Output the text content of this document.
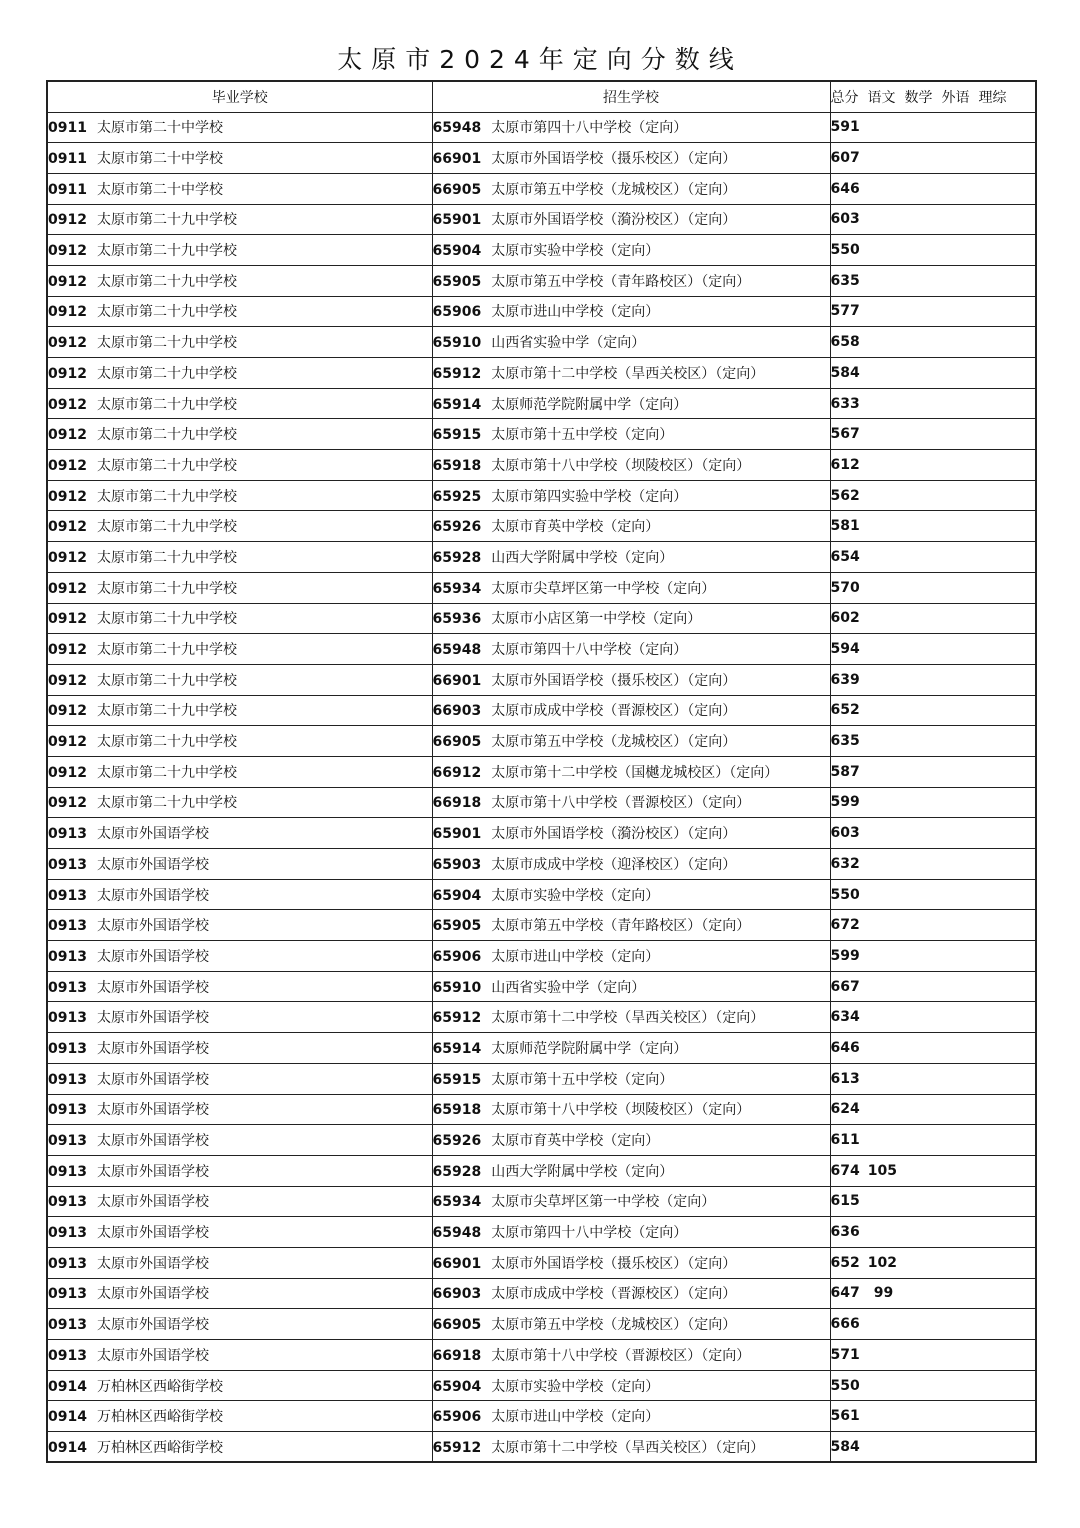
太原市2024年定向分数线
毕业学校	招生学校	总分 语文 数学 外语 理综
0911 太原市第二十中学校	65948 太原市第四十八中学校（定向）	591
0911 太原市第二十中学校	66901 太原市外国语学校（摄乐校区）（定向）	607
0911 太原市第二十中学校	66905 太原市第五中学校（龙城校区）（定向）	646
0912 太原市第二十九中学校	65901 太原市外国语学校（漪汾校区）（定向）	603
0912 太原市第二十九中学校	65904 太原市实验中学校（定向）	550
0912 太原市第二十九中学校	65905 太原市第五中学校（青年路校区）（定向）	635
0912 太原市第二十九中学校	65906 太原市进山中学校（定向）	577
0912 太原市第二十九中学校	65910 山西省实验中学（定向）	658
0912 太原市第二十九中学校	65912 太原市第十二中学校（旱西关校区）（定向）	584
0912 太原市第二十九中学校	65914 太原师范学院附属中学（定向）	633
0912 太原市第二十九中学校	65915 太原市第十五中学校（定向）	567
0912 太原市第二十九中学校	65918 太原市第十八中学校（坝陵校区）（定向）	612
0912 太原市第二十九中学校	65925 太原市第四实验中学校（定向）	562
0912 太原市第二十九中学校	65926 太原市育英中学校（定向）	581
0912 太原市第二十九中学校	65928 山西大学附属中学校（定向）	654
0912 太原市第二十九中学校	65934 太原市尖草坪区第一中学校（定向）	570
0912 太原市第二十九中学校	65936 太原市小店区第一中学校（定向）	602
0912 太原市第二十九中学校	65948 太原市第四十八中学校（定向）	594
0912 太原市第二十九中学校	66901 太原市外国语学校（摄乐校区）（定向）	639
0912 太原市第二十九中学校	66903 太原市成成中学校（晋源校区）（定向）	652
0912 太原市第二十九中学校	66905 太原市第五中学校（龙城校区）（定向）	635
0912 太原市第二十九中学校	66912 太原市第十二中学校（国樾龙城校区）（定向）	587
0912 太原市第二十九中学校	66918 太原市第十八中学校（晋源校区）（定向）	599
0913 太原市外国语学校	65901 太原市外国语学校（漪汾校区）（定向）	603
0913 太原市外国语学校	65903 太原市成成中学校（迎泽校区）（定向）	632
0913 太原市外国语学校	65904 太原市实验中学校（定向）	550
0913 太原市外国语学校	65905 太原市第五中学校（青年路校区）（定向）	672
0913 太原市外国语学校	65906 太原市进山中学校（定向）	599
0913 太原市外国语学校	65910 山西省实验中学（定向）	667
0913 太原市外国语学校	65912 太原市第十二中学校（旱西关校区）（定向）	634
0913 太原市外国语学校	65914 太原师范学院附属中学（定向）	646
0913 太原市外国语学校	65915 太原市第十五中学校（定向）	613
0913 太原市外国语学校	65918 太原市第十八中学校（坝陵校区）（定向）	624
0913 太原市外国语学校	65926 太原市育英中学校（定向）	611
0913 太原市外国语学校	65928 山西大学附属中学校（定向）	674 105
0913 太原市外国语学校	65934 太原市尖草坪区第一中学校（定向）	615
0913 太原市外国语学校	65948 太原市第四十八中学校（定向）	636
0913 太原市外国语学校	66901 太原市外国语学校（摄乐校区）（定向）	652 102
0913 太原市外国语学校	66903 太原市成成中学校（晋源校区）（定向）	647 99
0913 太原市外国语学校	66905 太原市第五中学校（龙城校区）（定向）	666
0913 太原市外国语学校	66918 太原市第十八中学校（晋源校区）（定向）	571
0914 万柏林区西峪街学校	65904 太原市实验中学校（定向）	550
0914 万柏林区西峪街学校	65906 太原市进山中学校（定向）	561
0914 万柏林区西峪街学校	65912 太原市第十二中学校（旱西关校区）（定向）	584
